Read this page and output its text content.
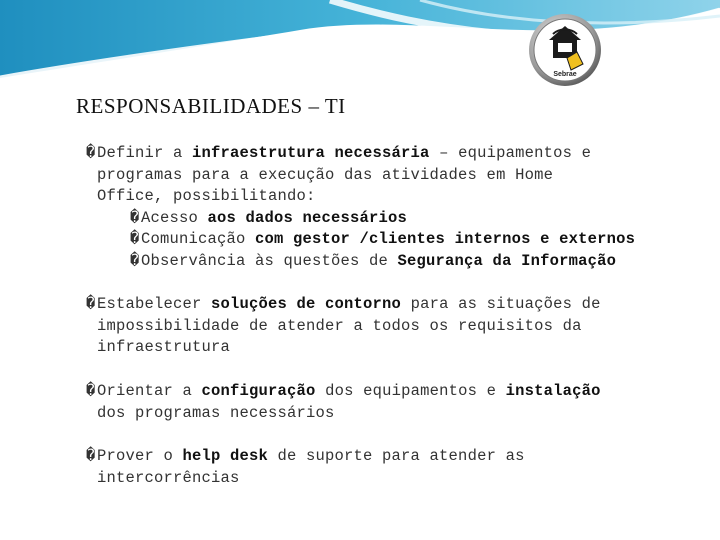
Sebrae
RESPONSABILIDADES – TI
�Definir a infraestrutura necessária – equipamentos e
programas para a execução das atividades em Home
Office, possibilitando:
�Acesso aos dados necessários
�Comunicação com gestor /clientes internos e externos
�Observância às questões de Segurança da Informação
�Estabelecer soluções de contorno para as situações de
impossibilidade de atender a todos os requisitos da
infraestrutura
�Orientar a configuração dos equipamentos e instalação
dos programas necessários
�Prover o help desk de suporte para atender as
intercorrências
